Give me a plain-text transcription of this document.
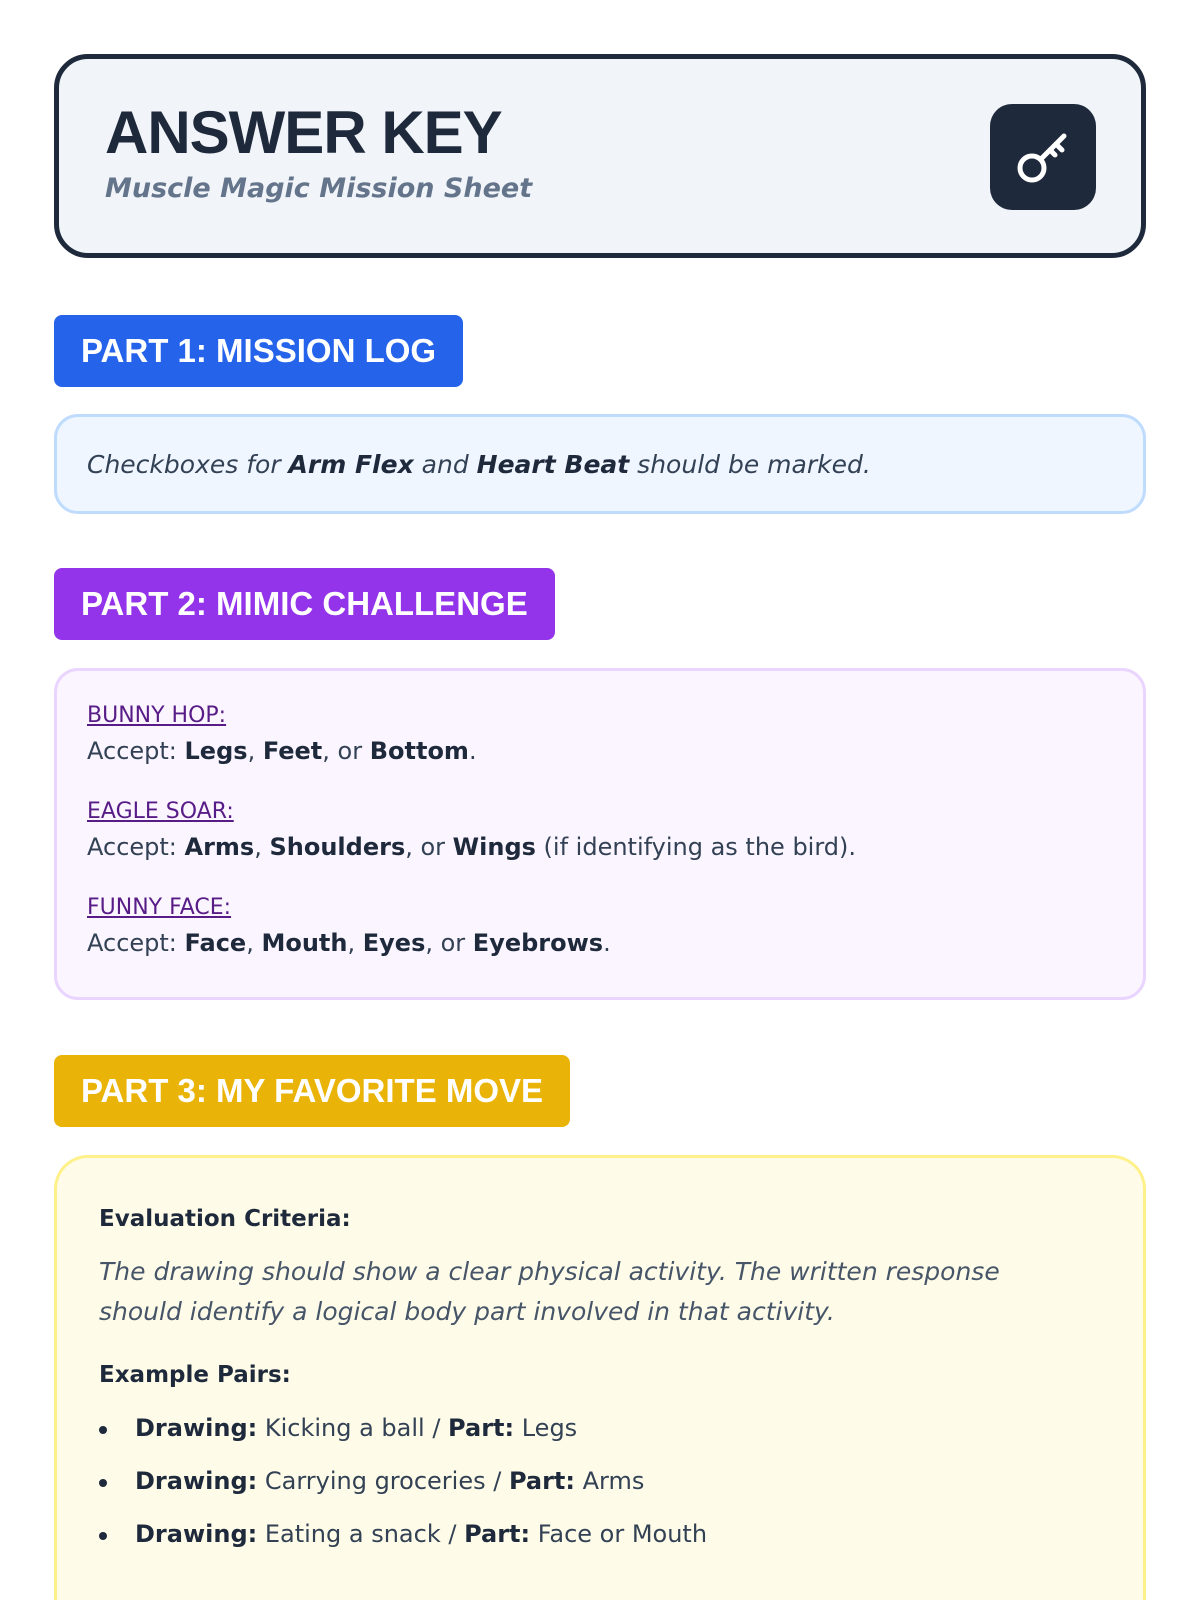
ANSWER KEY
Muscle Magic Mission Sheet
PART 1: MISSION LOG
Checkboxes for Arm Flex and Heart Beat should be marked.
PART 2: MIMIC CHALLENGE
BUNNY HOP:
Accept: Legs, Feet, or Bottom.
EAGLE SOAR:
Accept: Arms, Shoulders, or Wings (if identifying as the bird).
FUNNY FACE:
Accept: Face, Mouth, Eyes, or Eyebrows.
PART 3: MY FAVORITE MOVE
Evaluation Criteria:
The drawing should show a clear physical activity. The written response should identify a logical body part involved in that activity.
Example Pairs:
Drawing: Kicking a ball / Part: Legs
Drawing: Carrying groceries / Part: Arms
Drawing: Eating a snack / Part: Face or Mouth
